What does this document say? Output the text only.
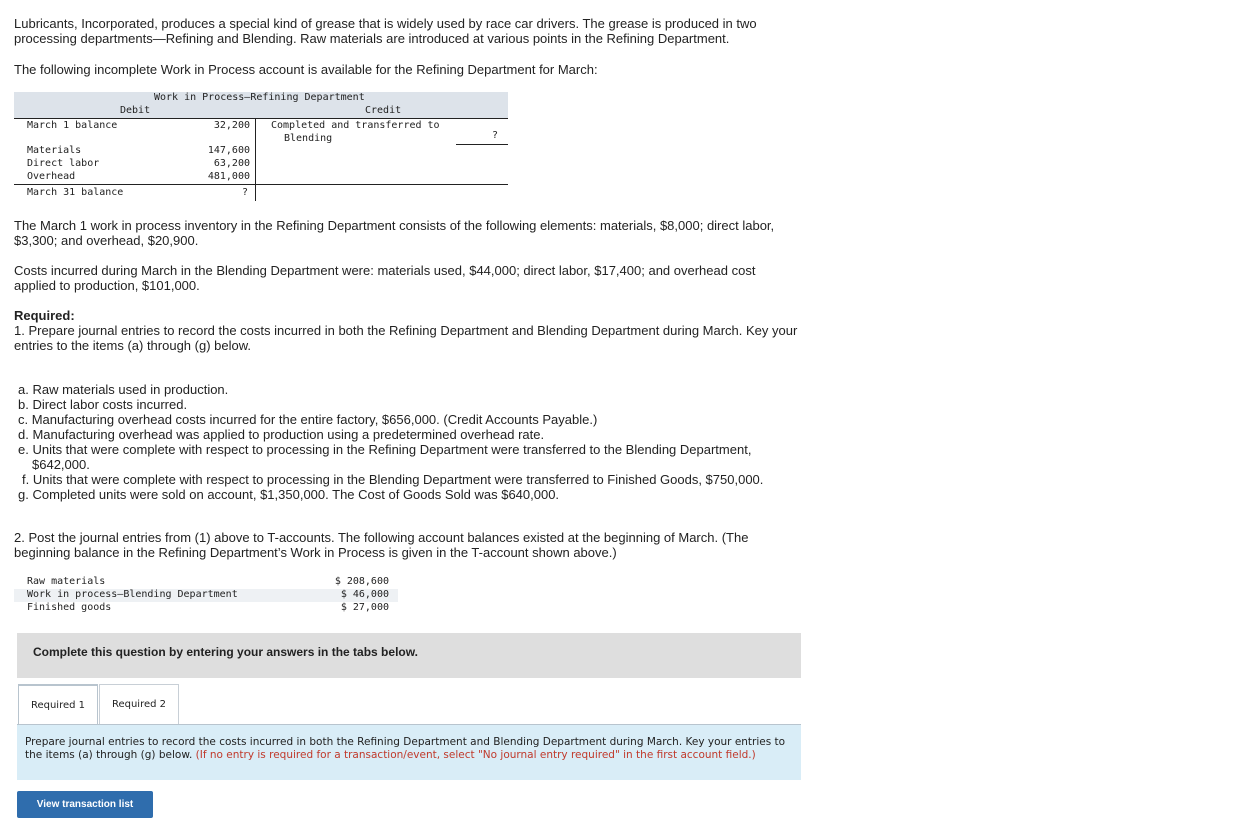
Lubricants, Incorporated, produces a special kind of grease that is widely used by race car drivers. The grease is produced in two processing departments—Refining and Blending. Raw materials are introduced at various points in the Refining Department.

The following incomplete Work in Process account is available for the Refining Department for March:

Work in Process—Refining Department
Debit	Credit
March 1 balance	32,200
Materials	147,600
Direct labor	63,200
Overhead	481,000
March 31 balance	?
Completed and transferred to
Blending	?

The March 1 work in process inventory in the Refining Department consists of the following elements: materials, $8,000; direct labor, $3,300; and overhead, $20,900.

Costs incurred during March in the Blending Department were: materials used, $44,000; direct labor, $17,400; and overhead cost applied to production, $101,000.

Required:

1. Prepare journal entries to record the costs incurred in both the Refining Department and Blending Department during March. Key your entries to the items (a) through (g) below.

a. Raw materials used in production.

b. Direct labor costs incurred.

c. Manufacturing overhead costs incurred for the entire factory, $656,000. (Credit Accounts Payable.)

d. Manufacturing overhead was applied to production using a predetermined overhead rate.

e. Units that were complete with respect to processing in the Refining Department were transferred to the Blending Department,

$642,000.

f. Units that were complete with respect to processing in the Blending Department were transferred to Finished Goods, $750,000.

g. Completed units were sold on account, $1,350,000. The Cost of Goods Sold was $640,000.

2. Post the journal entries from (1) above to T-accounts. The following account balances existed at the beginning of March. (The beginning balance in the Refining Department’s Work in Process is given in the T-account shown above.)

Raw materials	$ 208,600
Work in process—Blending Department	$ 46,000
Finished goods	$ 27,000
Complete this question by entering your answers in the tabs below.
Required 1	Required 2
Prepare journal entries to record the costs incurred in both the Refining Department and Blending Department during March. Key your entries to the items (a) through (g) below. (If no entry is required for a transaction/event, select "No journal entry required" in the first account field.)
View transaction list
